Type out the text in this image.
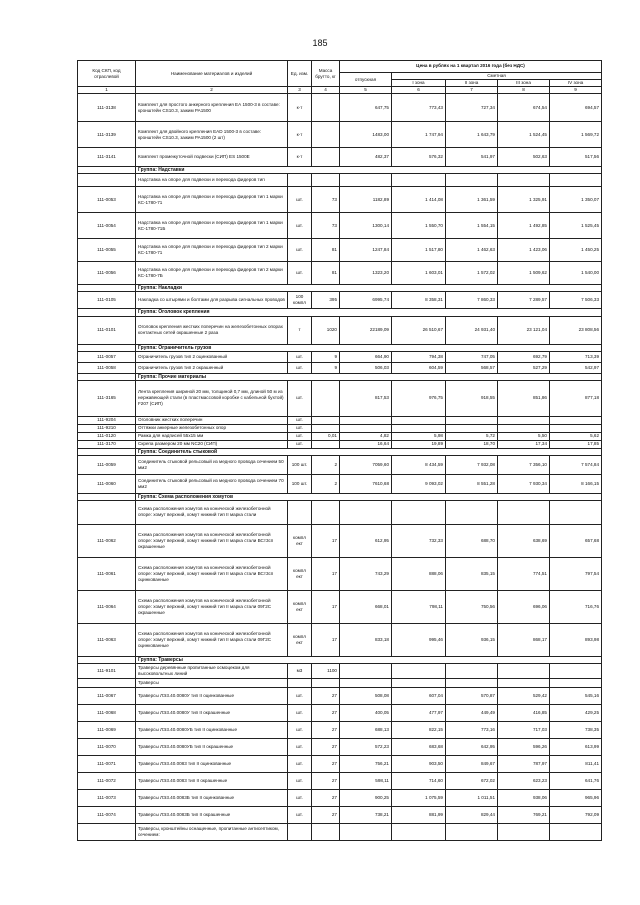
185
Код СКП, код отраслевой	Наименование материалов и изделий	Ед. изм.	Масса брутто, кг	Цена в рублях на 1 квартал 2016 года (без НДС)				
				отпускная	Сметная			
					I зона	II зона	III зона	IV зона
1	2	3	4	5	6	7	8	9
111-3138	Комплект для простого анкерного крепления ЕА 1500-3 в составе: кронштейн CS10.3, зажим PA1500	к-т		647,75	773,43	727,34	674,54	694,57
111-3139	Комплект для двойного крепления ЕAD 1500-3 в составе: кронштейн CS10.3, зажим PA1500 (2 шт)	к-т		1483,00	1 747,94	1 643,79	1 524,45	1 569,72
111-3141	Комплект промежуточной подвески (СИП) ES 1500Е	к-т		482,37	576,32	541,97	502,63	517,56
	Группа: Надставки							
	Надставка на опоре для подвески и перехода фидеров тип							
111-0053	Надставка на опоре для подвески и перехода фидеров тип 1 марки КС-1780-71	шт.	73	1182,89	1 414,08	1 361,59	1 325,91	1 350,07
111-0054	Надставка на опоре для подвески и перехода фидеров тип 1 марки КС-1780-71Б	шт.	73	1300,14	1 550,70	1 554,15	1 492,85	1 525,45
111-0055	Надставка на опоре для подвески и перехода фидеров тип 2 марки КС-1780-71	шт.	81	1247,84	1 517,80	1 462,63	1 423,06	1 450,25
111-0056	Надставка на опоре для подвески и перехода фидеров тип 2 марки КС-1780-7Б	шт.	81	1323,20	1 603,01	1 572,02	1 509,62	1 540,00
	Группа: Накладки							
111-0105	Накладка со штырями и болтами для разрыва сигнальных проводов	100 компл	395	6995,74	8 358,31	7 860,33	7 289,57	7 506,33
	Группа: Оголовок крепления							
111-0101	Оголовок крепления жестких поперечин на железобетонных опорах контактных сетей окрашенные 2 раза	т	1020	22189,09	26 510,67	24 931,40	23 121,04	23 808,56
	Группа: Ограничитель грузов							
111-0057	Ограничитель грузов тип 2 оцинкованный	шт.	9	664,90	794,38	747,05	692,79	713,39
111-0058	Ограничитель грузов тип 2 окрашенный	шт.	9	506,03	604,59	568,57	527,29	542,97
	Группа: Прочие материалы							
111-3165	Лента крепления шириной 20 мм, толщиной 0,7 мм, длиной 50 м из нержавеющей стали (в пластмассовой коробке с кабельной бухтой) F207 (СИП)	шт.		817,53	976,75	918,55	851,86	877,18
111-9204	Оголовник жестких поперечин	шт.						
111-9210	Оттяжки анкерные железобетонных опор	шт.						
111-0120	Рамка для надписей 55х15 мм	шт.	0,01	4,82	5,98	5,72	5,50	5,62
111-3170	Скрепа размером 20 мм NC20 (СИП)	шт.		16,64	19,89	18,70	17,34	17,85
	Группа: Соединитель стыковой							
111-0059	Соединитель стыковой рельсовый из медного провода сечением 50 мм2	100 шт.	2	7059,60	8 434,59	7 932,08	7 356,10	7 574,84
111-0060	Соединитель стыковой рельсовый из медного провода сечением 70 мм2	100 шт.	2	7610,68	9 093,02	8 551,28	7 930,34	8 166,15
	Группа: Схема расположения хомутов							
	Схема расположения хомутов на конической железобетонной опоре: хомут верхний, хомут нижний тип II марка стали							
111-0062	Схема расположения хомутов на конической железобетонной опоре: хомут верхний, хомут нижний тип II марка стали ВСт3сп окрашенные	компл ект	17	612,95	732,33	688,70	638,69	657,68
111-0061	Схема расположения хомутов на конической железобетонной опоре: хомут верхний, хомут нижний тип II марка стали ВСт3сп оцинкованные	компл ект	17	743,29	888,06	835,15	774,51	797,54
111-0064	Схема расположения хомутов на конической железобетонной опоре: хомут верхний, хомут нижний тип II марка стали 09Г2С окрашенные	компл ект	17	668,01	798,11	750,56	696,06	716,76
111-0063	Схема расположения хомутов на конической железобетонной опоре: хомут верхний, хомут нижний тип II марка стали 09Г2С оцинкованные	компл ект	17	833,18	995,46	936,15	868,17	893,98
	Группа: Траверсы							
111-9101	Траверсы деревянные пропитанные осмоцеком для высоковольтных линий	м3	1100					
	Траверсы							
111-0067	Траверсы ЛЭ3.40.0080У тип II оцинкованные	шт.	27	508,08	607,04	570,87	529,42	545,16
111-0068	Траверсы ЛЭ3.40.0080У тип II окрашенные	шт.	27	400,05	477,97	449,49	416,85	429,25
111-0069	Траверсы ЛЭ3.40.0080УБ тип II оцинкованные	шт.	27	688,13	822,15	773,16	717,03	738,35
111-0070	Траверсы ЛЭ3.40.0080УБ тип II окрашенные	шт.	27	572,23	683,68	642,95	596,26	613,99
111-0071	Траверсы ЛЭ3.40.0083 тип II оцинкованные	шт.	27	756,21	903,50	849,67	787,97	811,41
111-0072	Траверсы ЛЭ3.40.0083 тип II окрашенные	шт.	27	598,11	714,60	672,02	623,23	641,76
111-0073	Траверсы ЛЭ3.40.0083Б тип II оцинкованные	шт.	27	900,25	1 075,59	1 011,51	938,06	965,96
111-0074	Траверсы ЛЭ3.40.0083Б тип II окрашенные	шт.	27	738,21	881,99	829,44	769,21	792,09
	Траверсы, кронштейны оснащенные, пропитанные антисептиком, сечением:							
